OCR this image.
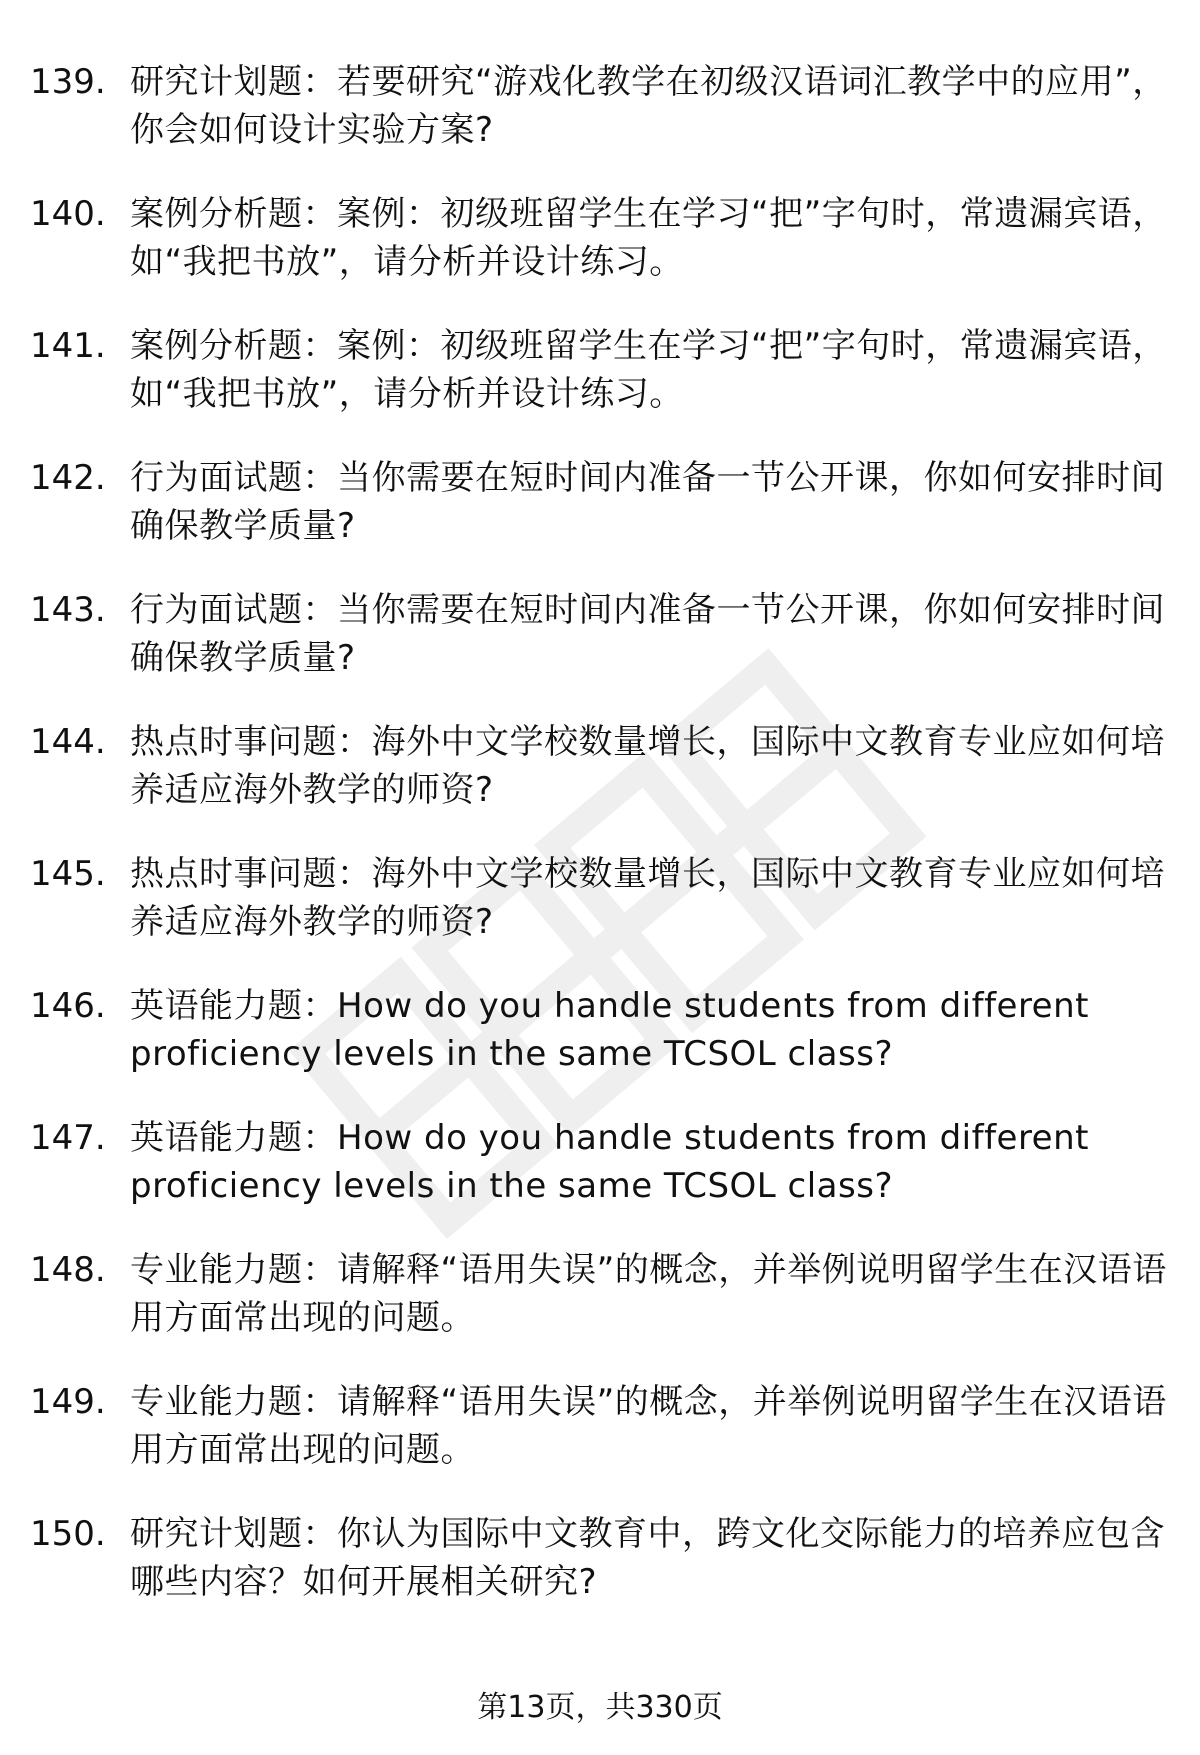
139. 研究计划题：若要研究“游戏化教学在初级汉语词汇教学中的应用”，你会如何设计实验方案?
140. 案例分析题：案例：初级班留学生在学习“把”字句时，常遗漏宾语，如“我把书放”，请分析并设计练习。
141. 案例分析题：案例：初级班留学生在学习“把”字句时，常遗漏宾语，如“我把书放”，请分析并设计练习。
142. 行为面试题：当你需要在短时间内准备一节公开课，你如何安排时间确保教学质量?
143. 行为面试题：当你需要在短时间内准备一节公开课，你如何安排时间确保教学质量?
144. 热点时事问题：海外中文学校数量增长，国际中文教育专业应如何培养适应海外教学的师资?
145. 热点时事问题：海外中文学校数量增长，国际中文教育专业应如何培养适应海外教学的师资?
146. 英语能力题：How do you handle students from different proficiency levels in the same TCSOL class?
147. 英语能力题：How do you handle students from different proficiency levels in the same TCSOL class?
148. 专业能力题：请解释“语用失误”的概念，并举例说明留学生在汉语语用方面常出现的问题。
149. 专业能力题：请解释“语用失误”的概念，并举例说明留学生在汉语语用方面常出现的问题。
150. 研究计划题：你认为国际中文教育中，跨文化交际能力的培养应包含哪些内容？如何开展相关研究?
第13页，共330页
